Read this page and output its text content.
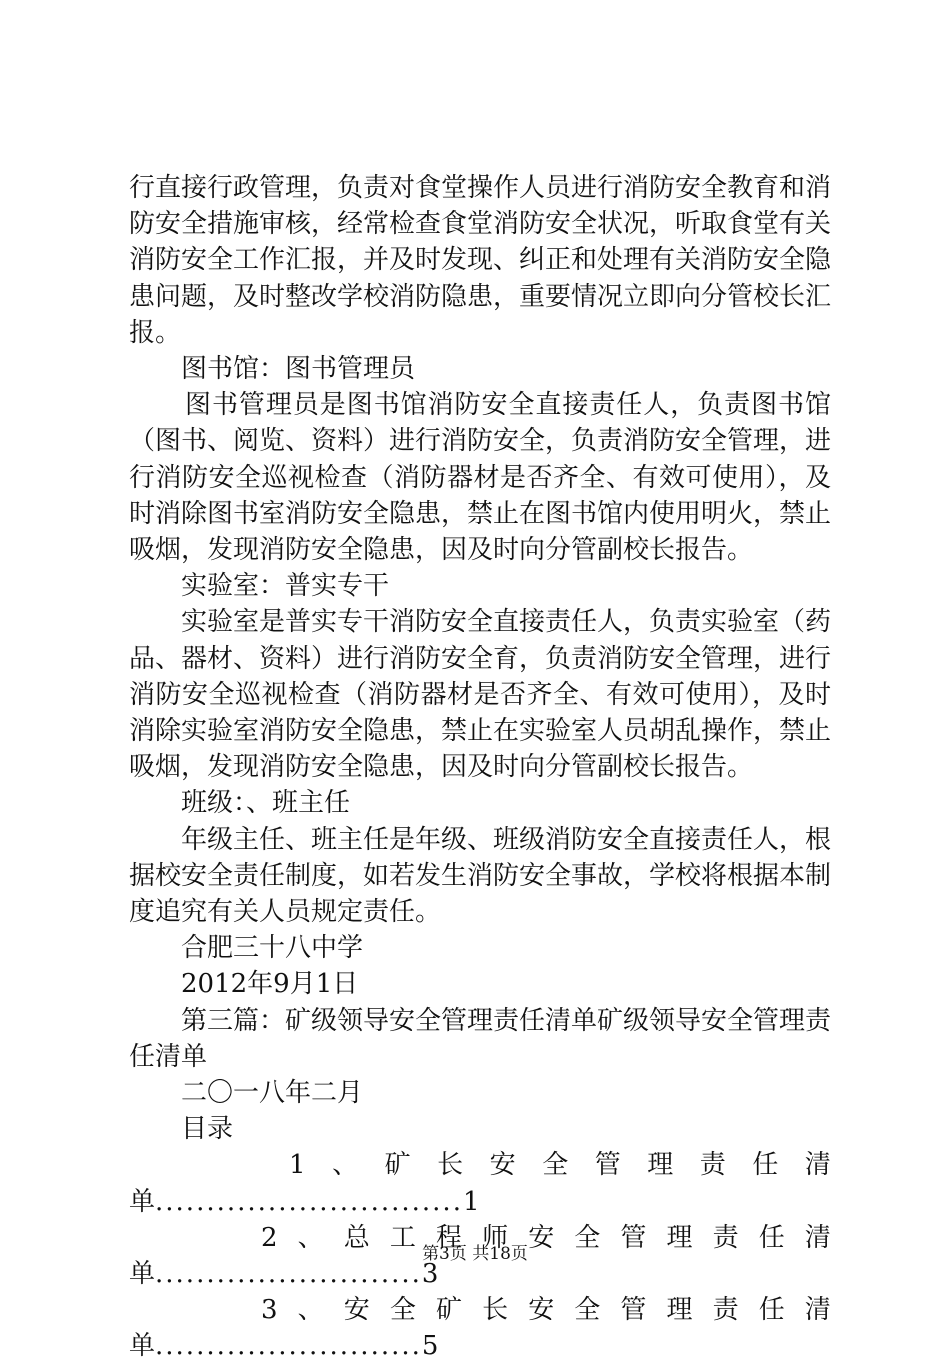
行直接行政管理，负责对食堂操作人员进行消防安全教育和消防安全措施审核，经常检查食堂消防安全状况，听取食堂有关消防安全工作汇报，并及时发现、纠正和处理有关消防安全隐患问题，及时整改学校消防隐患，重要情况立即向分管校长汇报。

图书馆：图书管理员

图书管理员是图书馆消防安全直接责任人，负责图书馆（图书、阅览、资料）进行消防安全，负责消防安全管理，进行消防安全巡视检查（消防器材是否齐全、有效可使用），及时消除图书室消防安全隐患，禁止在图书馆内使用明火，禁止吸烟，发现消防安全隐患，因及时向分管副校长报告。

实验室：普实专干

实验室是普实专干消防安全直接责任人，负责实验室（药品、器材、资料）进行消防安全育，负责消防安全管理，进行消防安全巡视检查（消防器材是否齐全、有效可使用），及时消除实验室消防安全隐患，禁止在实验室人员胡乱操作，禁止吸烟，发现消防安全隐患，因及时向分管副校长报告。

班级：、班主任

年级主任、班主任是年级、班级消防安全直接责任人，根据校安全责任制度，如若发生消防安全事故，学校将根据本制度追究有关人员规定责任。

合肥三十八中学

2012年9月1日

第三篇：矿级领导安全管理责任清单矿级领导安全管理责任清单

二〇一八年二月

目录

1 、 矿 长 安 全 管 理 责 任 清
单..............................1
2 、 总 工 程 师 安 全 管 理 责 任 清
单..........................3
3 、 安 全 矿 长 安 全 管 理 责 任 清
单..........................5
第3页 共18页
